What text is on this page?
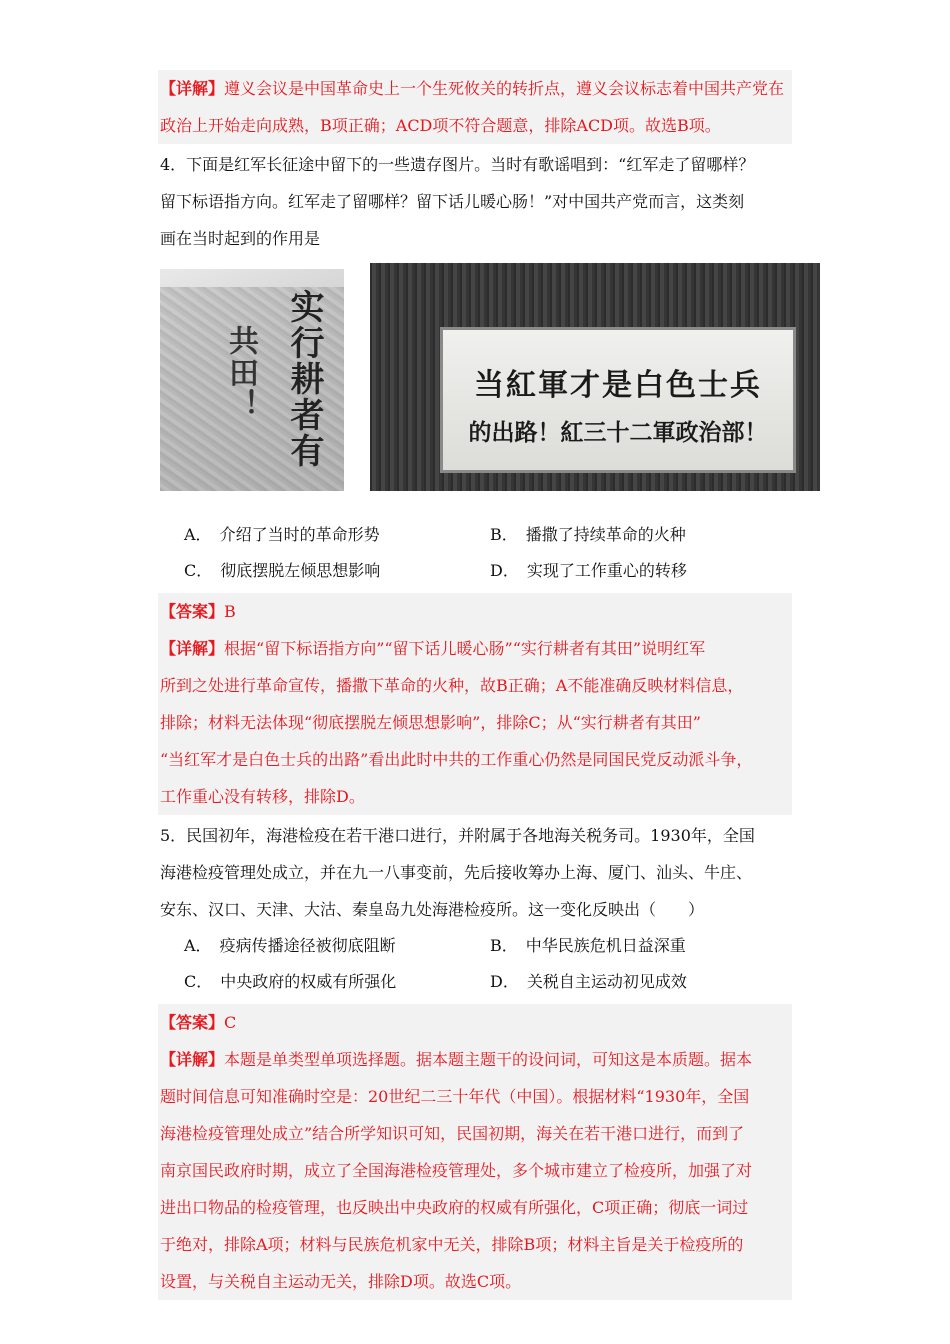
【详解】遵义会议是中国革命史上一个生死攸关的转折点，遵义会议标志着中国共产党在政治上开始走向成熟，B项正确；ACD项不符合题意，排除ACD项。故选B项。
4．下面是红军长征途中留下的一些遗存图片。当时有歌谣唱到：“红军走了留哪样？
留下标语指方向。红军走了留哪样？留下话儿暖心肠！”对中国共产党而言，这类刻
画在当时起到的作用是
实行耕者有
共田！	当紅軍才是白色士兵
的出路！紅三十二軍政治部！
A． 介绍了当时的革命形势	B． 播撒了持续革命的火种
C． 彻底摆脱左倾思想影响	D． 实现了工作重心的转移
【答案】B
【详解】根据“留下标语指方向”“留下话儿暖心肠”“实行耕者有其田”说明红军
所到之处进行革命宣传，播撒下革命的火种，故B正确；A不能准确反映材料信息，
排除；材料无法体现“彻底摆脱左倾思想影响”，排除C；从“实行耕者有其田”
“当红军才是白色士兵的出路”看出此时中共的工作重心仍然是同国民党反动派斗争，
工作重心没有转移，排除D。
5．民国初年，海港检疫在若干港口进行，并附属于各地海关税务司。1930年，全国
海港检疫管理处成立，并在九一八事变前，先后接收筹办上海、厦门、汕头、牛庄、
安东、汉口、天津、大沽、秦皇岛九处海港检疫所。这一变化反映出（　　）
A． 疫病传播途径被彻底阻断	B． 中华民族危机日益深重
C． 中央政府的权威有所强化	D． 关税自主运动初见成效
【答案】C
【详解】本题是单类型单项选择题。据本题主题干的设问词，可知这是本质题。据本
题时间信息可知准确时空是：20世纪二三十年代（中国）。根据材料“1930年，全国
海港检疫管理处成立”结合所学知识可知，民国初期，海关在若干港口进行，而到了
南京国民政府时期，成立了全国海港检疫管理处，多个城市建立了检疫所，加强了对
进出口物品的检疫管理，也反映出中央政府的权威有所强化，C项正确；彻底一词过
于绝对，排除A项；材料与民族危机家中无关，排除B项；材料主旨是关于检疫所的
设置，与关税自主运动无关，排除D项。故选C项。
